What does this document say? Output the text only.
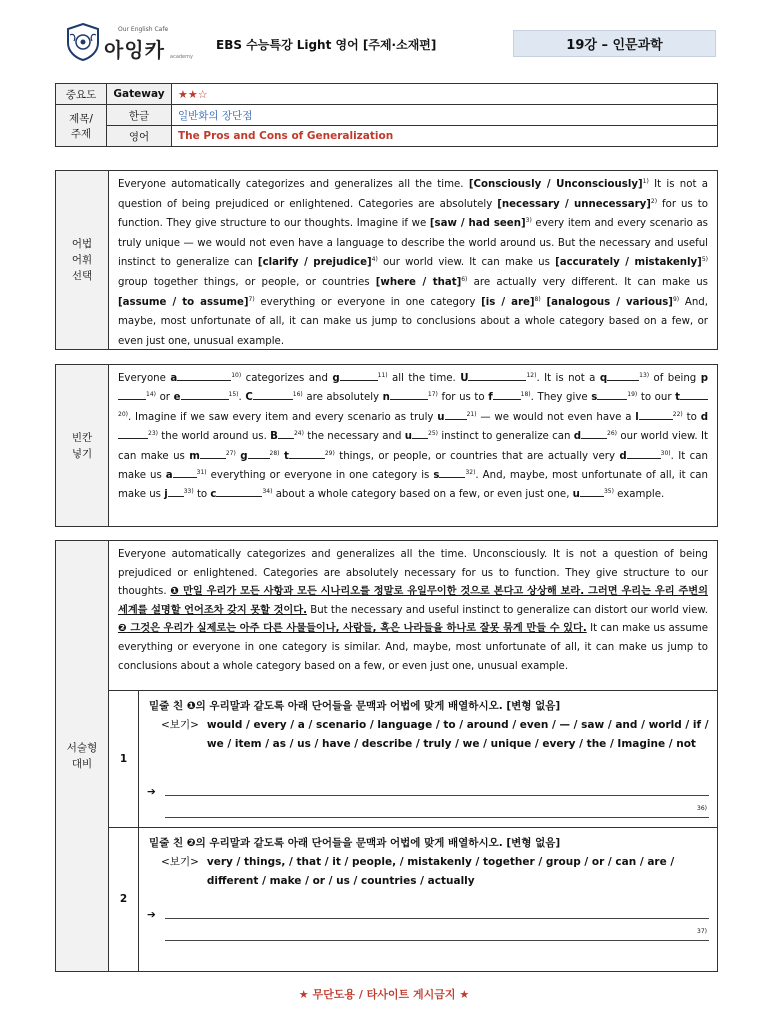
Our English Cafe
아잉카 academy
EBS 수능특강 Light 영어 [주제·소재편]	19강 – 인문과학
중요도	Gateway	★★☆

제목/
주제	한글	일반화의 장단점
	영어	The Pros and Cons of Generalization
어법
어휘
선택
Everyone automatically categorizes and generalizes all the time. [Consciously / Unconsciously]$^{1)}$ It is not a question of being prejudiced or enlightened. Categories are absolutely [necessary / unnecessary]$^{2)}$ for us to function. They give structure to our thoughts. Imagine if we [saw / had seen]$^{3)}$ every item and every scenario as truly unique — we would not even have a language to describe the world around us. But the necessary and useful instinct to generalize can [clarify / prejudice]$^{4)}$ our world view. It can make us [accurately / mistakenly]$^{5)}$ group together things, or people, or countries [where / that]$^{6)}$ are actually very different. It can make us [assume / to assume]$^{7)}$ everything or everyone in one category [is / are]$^{8)}$ [analogous / various]$^{9)}$ And, maybe, most unfortunate of all, it can make us jump to conclusions about a whole category based on a few, or even just one, unusual example.
빈칸
넣기
Everyone a	$^{10)}$ categorizes and g	$^{11)}$ all the time. U	$^{12)}$. It is not a q	$^{13)}$ of being $p^{14)}$ or e	$^{15)}$. C	$^{16)}$ are absolutely n	$^{17)}$ for us to f	$^{18)}$. They give s	$^{19)}$ to our $t^{20)}$. Imagine if we saw every item and every scenario as truly u	$^{21)}$ — we would not even have a l	$^{22)}$ to $d^{23)}$ the world around us. B	$^{24)}$ the necessary and u	$^{25)}$ instinct to generalize can d	$^{26)}$ our world view. It can make us m	$^{27)}$ g	$^{28)}$ t	$^{29)}$ things, or people, or countries that are actually very d	$^{30)}$. It can make us a	$^{31)}$ everything or everyone in one category is s	$^{32)}$. And, maybe, most unfortunate of all, it can make us j	$^{33)}$ to c	$^{34)}$ about a whole category based on a few, or even just one, u	$^{35)}$ example.
서술형
대비
Everyone automatically categorizes and generalizes all the time. Unconsciously. It is not a question of being prejudiced or enlightened. Categories are absolutely necessary for us to function. They give structure to our thoughts. ❶ 만일 우리가 모든 사항과 모든 시나리오를 정말로 유일무이한 것으로 본다고 상상해 보라. 그러면 우리는 우리 주변의 세계를 설명할 언어조차 갖지 못할 것이다. But the necessary and useful instinct to generalize can distort our world view. ❷ 그것은 우리가 실제로는 아주 다른 사물들이나, 사람들, 혹은 나라들을 하나로 잘못 묶게 만들 수 있다. It can make us assume everything or everyone in one category is similar. And, maybe, most unfortunate of all, it can make us jump to conclusions about a whole category based on a few, or even just one, unusual example.
1
밑줄 친 ❶의 우리말과 같도록 아래 단어들을 문맥과 어법에 맞게 배열하시오. [변형 없음]
<보기> would / every / a / scenario / language / to / around / even / — / saw / and / world / if / we / item / as / us / have / describe / truly / we / unique / every / the / Imagine / not
➔
36)
2
밑줄 친 ❷의 우리말과 같도록 아래 단어들을 문맥과 어법에 맞게 배열하시오. [변형 없음]
<보기> very / things, / that / it / people, / mistakenly / together / group / or / can / are / different / make / or / us / countries / actually
➔
37)
★ 무단도용 / 타사이트 게시금지 ★
